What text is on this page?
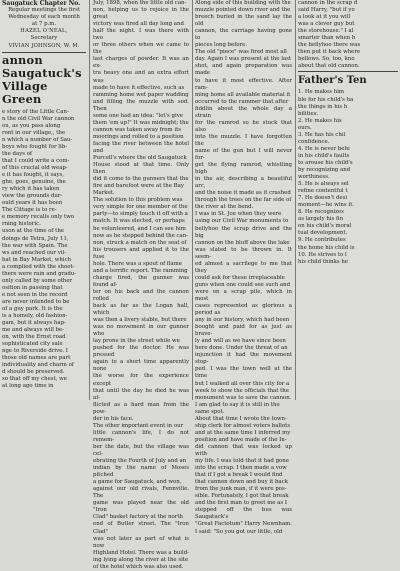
Saugatuck Chapter No.
Regular meetings the first
Wednesday of each month
at 7 p.m.
HAZEL O'NEAL,
Secretary
VIVIAN JOHNSON, W. M.
annon
Saugatuck's
Village Green
e story of the Little Can-
n the old Civil War cannon
ou, as you pass along
ront in our village,, the
n which a number of Sau-
boys who fought for lib-
the days of
that I could write a com-
of this crucial old weap-
e it has fought, it says,
ghe, goes, genuine, the
ry which it has taken
view the grounds dur-
ould years it has been
The Cittage is to re-
e memory recalls only two
rning historic.
uson at the time of the
doings de Tetra, July 11,
the war with Spain. The
ws and reached our vil-
hat in Bay Market, which
a complied with the shoot-
there were rain and gradu-
only called by some other
osition in passing that
e not seen in the record
are never intended to be
of a guy park. It is the
is a homely, old fashion-
gam, but it always hap-
me and always will be-
on, with the Ernst road
sophisticated city sale
nge to Riverside drive. I
those old names are part
individuality and charm of
d should be preserved.
so that off my chest, we
at long ago time in
July, 1898, when the little old can-
non, helping us to rejoice in the great
victory was fired all day long and
half the night. I was there with two
or three others when we came to the
last charges of powder. It was an ex-
tra heavy one and an extra effort was
made to have it effective, such as
ramming home wet paper wadding
and filling the muzzle with sod. Then
some one had an idea: "let's give
them 'em up!" It was midnight; the
cannon was taken away from its
moorings and rolled to a position
facing the river between the hotel and
Purcell's where the old Saugatuck
House stood at that time. Only then
did it come to the gunners that the
fire and barefoot were at the Bay
Market.
The solution to this problem was
very simple for one member of the
party—to simply touch it off with a
match. It was elected, or perhaps
he volunteered, and I can see him
now as he stepped behind the can-
non, struck a match on the seat of
his trousers and applied it to the fuse
hole. There was a spout of flame
and a terrific report. The ramming
charge fired, the gunner was found af-
ter on his back and the cannon rolled
back as far as the Logan hall, which
was then a livery stable, but there
was no movement in our gunner who
lay prone in the street while we
pushed for the doctor. He was pressed
again to a short time apparently none
the worse for the experience except
that until the day he died he was af-
flicted as a hard man from the pow-
der in his face.
The other important event in our
little cannon's life, I do not remem-
ber the date, but the village was cel-
ebrating the Fourth of July and an
indian by the name of Moses pitched
a game for Saugatuck, and won,
against our old rivals, Fennville. The
game was played near the old "Iron
Clad" basket factory at the north
end of Butler street. The "Iron Clad"
was not later as part of what is now
Highland Hotel. There was a build-
ing lying along the river at the site
of the hotel which was also used.
Along side of this building with the
muzzle pointed down river and the
breech buried in the sand lay the old
cannon, the carriage having gone to
pieces long before.
The old "piece" was fired most all
day. Again I was present at the last
shot, and again preparation was made
to have it most effective. After ram-
ming home all available material it
occurred to the rammer that after
fiddlin about the whole day a strain
for the ramrod so he stuck that also
into the muzzle. I have forgotten the
name of the gun but I will never for-
get the flying ramrod, whistling high
in the air, describing a beautiful arc,
and the noise it made as it crashed
through the trees on the far side of
the river at the bend.
I was in St. Joe when they were
using our Civil War monuments to
bellyhoo the scrap drive and the big
cannon on the bluff above the lake
was slated to be thrown in. It seem-
ed almost a sacrilege to me that they
could ask for these irreplaceable
guns when one could see such and
were on a scrap pile, which in most
cases represented as glorious a period as
any in our history, which had been
bought and paid for as just as brave-
ly and will as we have since been
here done. Under the threat of an
injunction it had the movement stop-
ped. I was the town well at the time
but I walked all over this city for a
week to show the officials that the
monument was to save the cannon.
I am glad to say it is still in the
same spot.
About that time I wrote the town-
ship clerk for almost voters ballots
and at the same time I inferred my
position and have made of the In-
did cannon that was locked up with
my life. I was told that it had gone
into the scrap. I then made a vow
that if I got a break I would find
that cannon down and buy it back
from the junk man, if it were pos-
sible. Fortunately, I got that break
and the first man to greet me as I
stepped off the bus was Saugatuck's
"Great Factotum" Harry Newnham.
I said: "So you got our little, old
cannon in the scrap d
said Harry, "but if yo
a look at it you will
was a clever guy but
the storehouse." I al
smarter than when h
the bellyhoo there was
then put it back where
bellows. So, too, kno
about that old cannon.
Father's Ten
1. He makes him
ble for his child's ha
the things in his h
bilities.
2. He makes his
ours.
3. He has his chil
confidence.
4. He is never behi
in his child's faults
to arouse his child's
by recognizing and
worthiness.
5. He is always sel
refine contentful t
7. He doesn't desi
moment—he wins it.
8. He recognizes
as largely his fin
on his child's moral
tual development.
9. He contributes
the home his child is
10. He strives to l
his child thinks he
